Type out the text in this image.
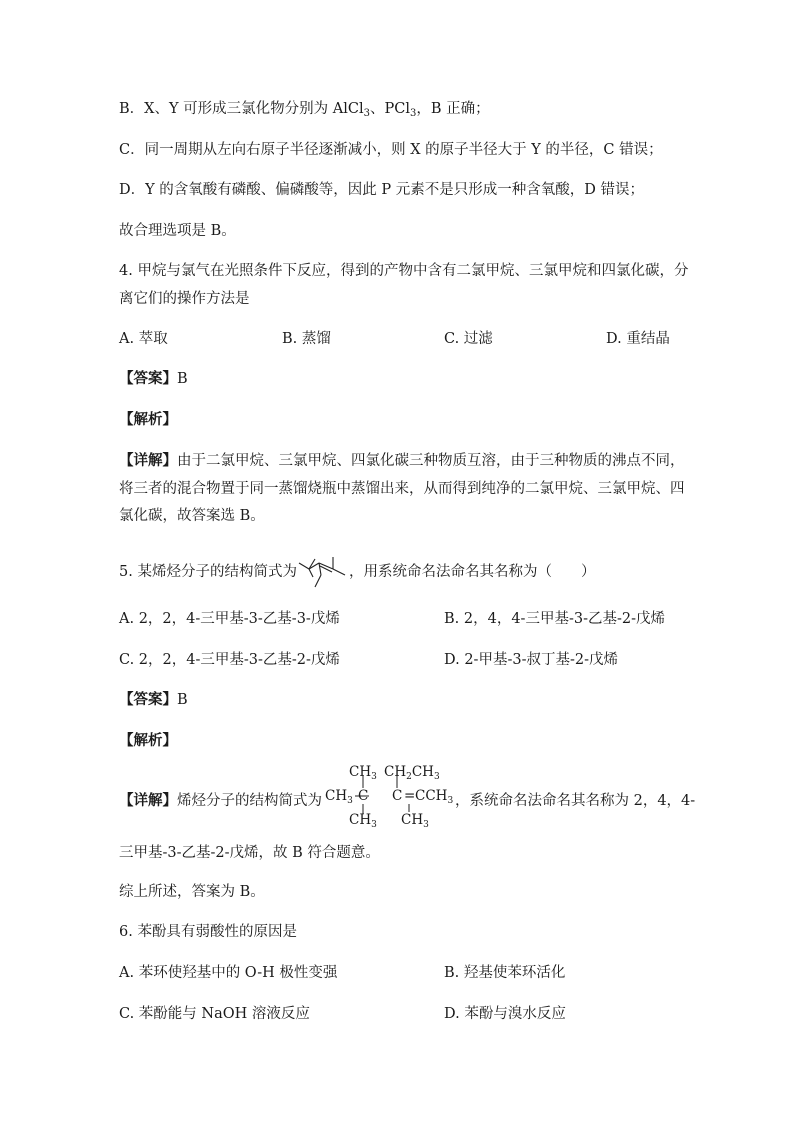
B．X、Y 可形成三氯化物分别为 AlCl$_3$、PCl$_3$，B 正确；
C．同一周期从左向右原子半径逐渐减小，则 X 的原子半径大于 Y 的半径，C 错误；
D．Y 的含氧酸有磷酸、偏磷酸等，因此 P 元素不是只形成一种含氧酸，D 错误；
故合理选项是 B。
4. 甲烷与氯气在光照条件下反应，得到的产物中含有二氯甲烷、三氯甲烷和四氯化碳，分
离它们的操作方法是
A. 萃取	B. 蒸馏	C. 过滤	D. 重结晶
【答案】B
【解析】
【详解】由于二氯甲烷、三氯甲烷、四氯化碳三种物质互溶，由于三种物质的沸点不同，
将三者的混合物置于同一蒸馏烧瓶中蒸馏出来，从而得到纯净的二氯甲烷、三氯甲烷、四
氯化碳，故答案选 B。
5. 某烯烃分子的结构简式为	，用系统命名法命名其名称为（　　）
A. 2，2，4-三甲基-3-乙基-3-戊烯	B. 2，4，4-三甲基-3-乙基-2-戊烯
C. 2，2，4-三甲基-3-乙基-2-戊烯	D. 2-甲基-3-叔丁基-2-戊烯
【答案】B
【解析】
【详解】烯烃分子的结构简式为	，系统命名法命名其名称为 2，4，4-
$CH_3$ $CH_2CH_3$
$CH_3$ C $C = CCH_3$
$CH_3$ $CH_3$
三甲基-3-乙基-2-戊烯，故 B 符合题意。
综上所述，答案为 B。
6. 苯酚具有弱酸性的原因是
A. 苯环使羟基中的 O-H 极性变强	B. 羟基使苯环活化
C. 苯酚能与 NaOH 溶液反应	D. 苯酚与溴水反应
